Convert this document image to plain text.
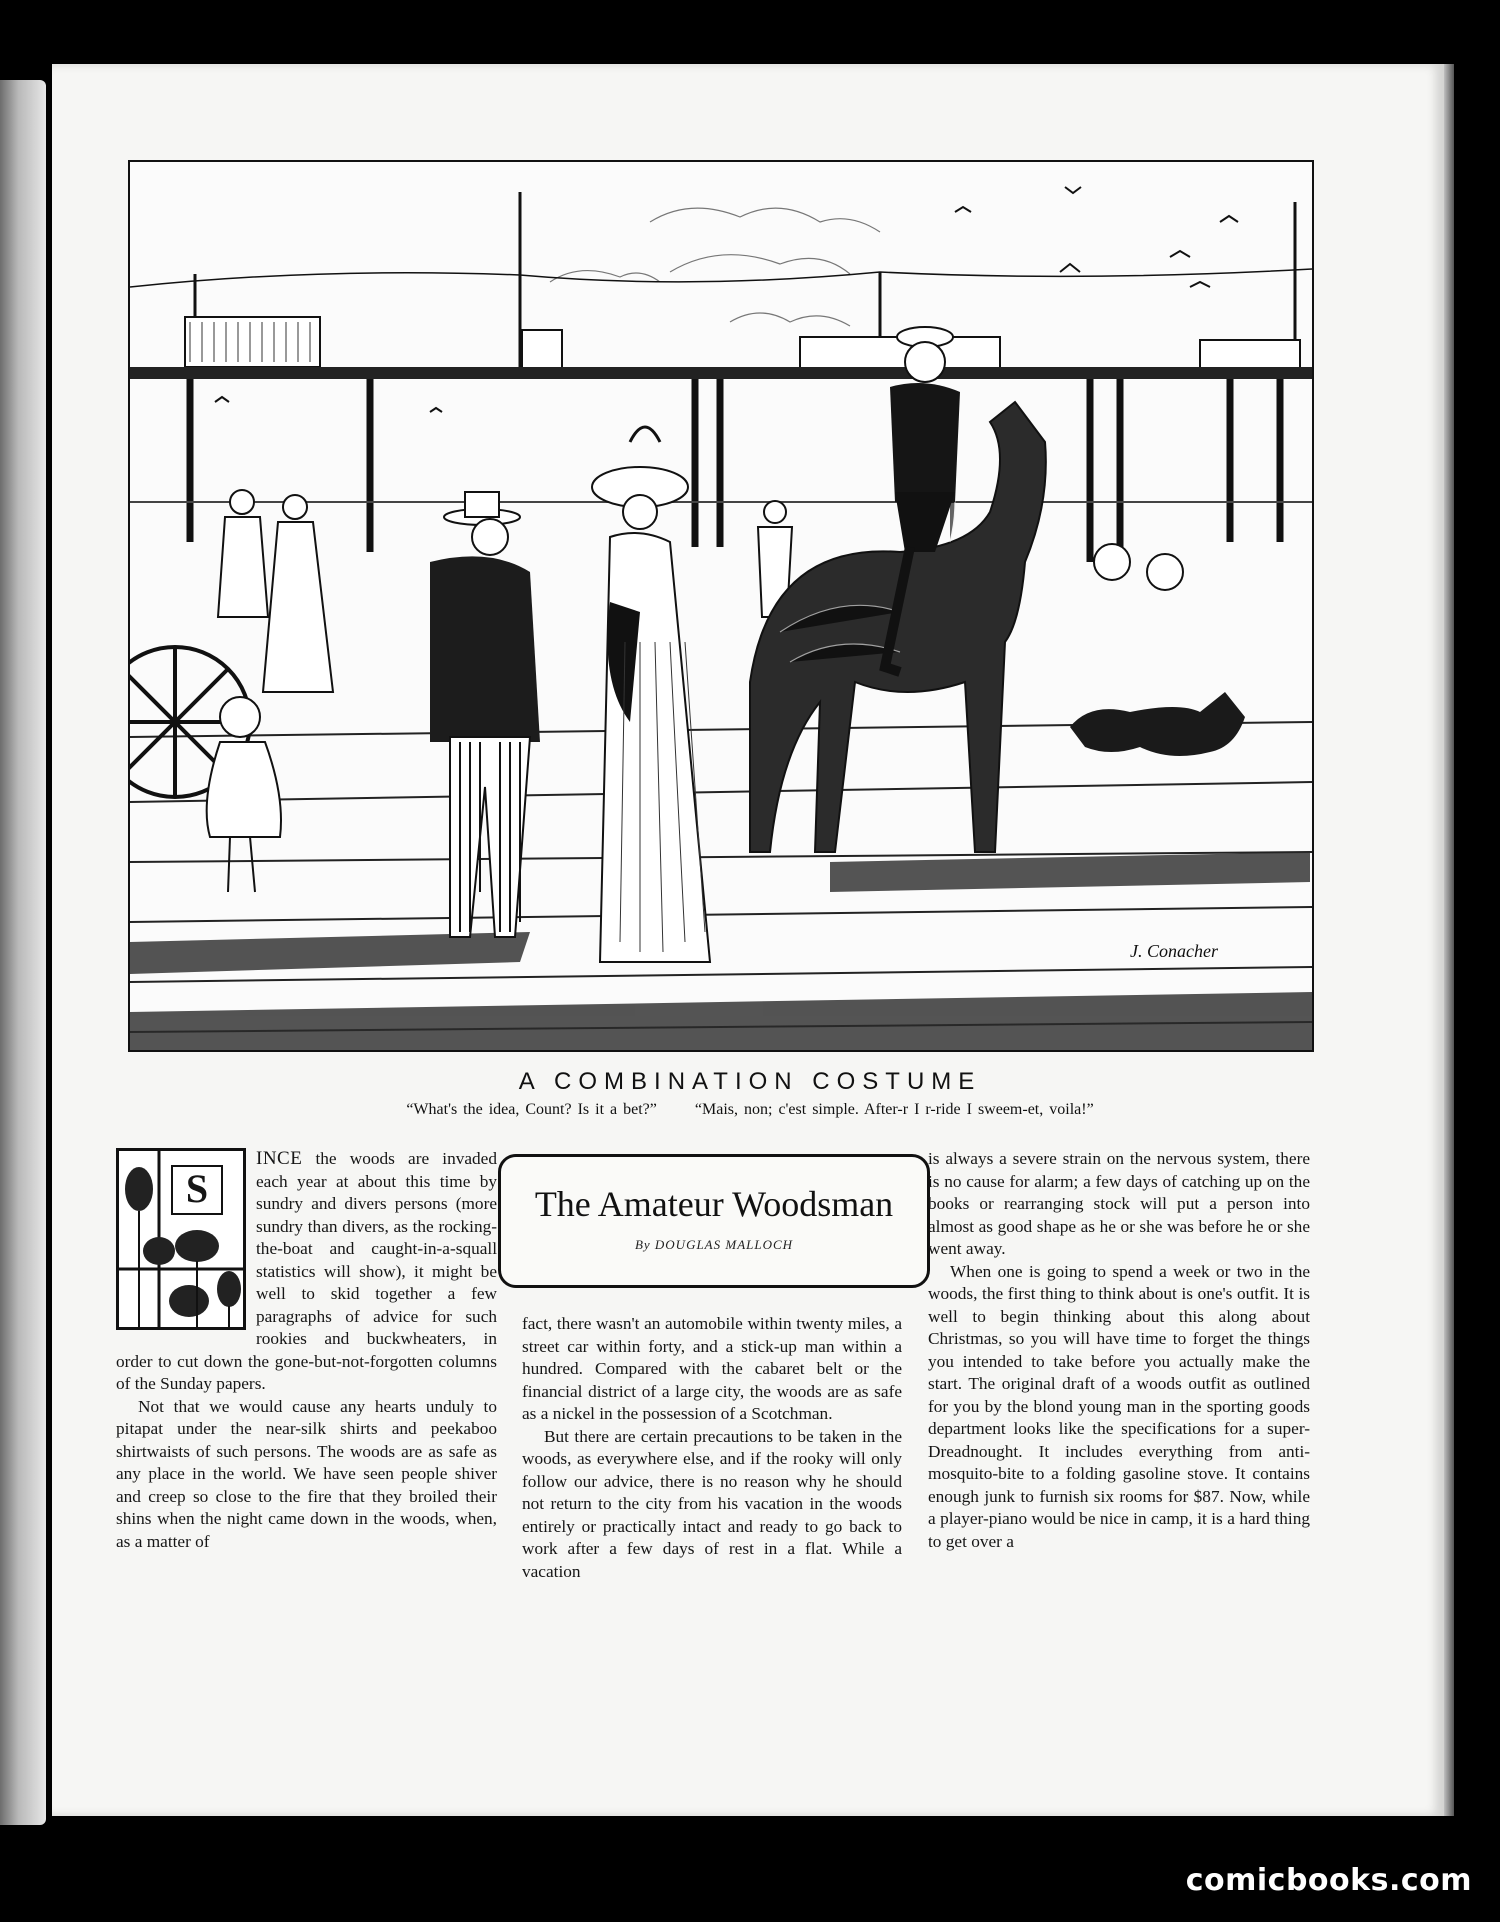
J. Conacher
A COMBINATION COSTUME
“What's the idea, Count? Is it a bet?” “Mais, non; c'est simple. After-r I r-ride I sweem-et, voila!”
The Amateur Woodsman
By DOUGLAS MALLOCH
S

INCE the woods are invaded each year at about this time by sundry and divers persons (more sundry than divers, as the rocking-the-boat and caught-in-a-squall statistics will show), it might be well to skid together a few paragraphs of advice for such rookies and buckwheaters, in order to cut down the gone-but-not-forgotten columns of the Sunday papers.

Not that we would cause any hearts unduly to pitapat under the near-silk shirts and peekaboo shirtwaists of such persons. The woods are as safe as any place in the world. We have seen people shiver and creep so close to the fire that they broiled their shins when the night came down in the woods, when, as a matter of

fact, there wasn't an automobile within twenty miles, a street car within forty, and a stick-up man within a hundred. Compared with the cabaret belt or the financial district of a large city, the woods are as safe as a nickel in the possession of a Scotchman.

But there are certain precautions to be taken in the woods, as everywhere else, and if the rooky will only follow our advice, there is no reason why he should not return to the city from his vacation in the woods entirely or practically intact and ready to go back to work after a few days of rest in a flat. While a vacation

is always a severe strain on the nervous system, there is no cause for alarm; a few days of catching up on the books or rearranging stock will put a person into almost as good shape as he or she was before he or she went away.

When one is going to spend a week or two in the woods, the first thing to think about is one's outfit. It is well to begin thinking about this along about Christmas, so you will have time to forget the things you intended to take before you actually make the start. The original draft of a woods outfit as outlined for you by the blond young man in the sporting goods department looks like the specifications for a super-Dreadnought. It includes everything from anti-mosquito-bite to a folding gasoline stove. It contains enough junk to furnish six rooms for $87. Now, while a player-piano would be nice in camp, it is a hard thing to get over a

comicbooks.com
